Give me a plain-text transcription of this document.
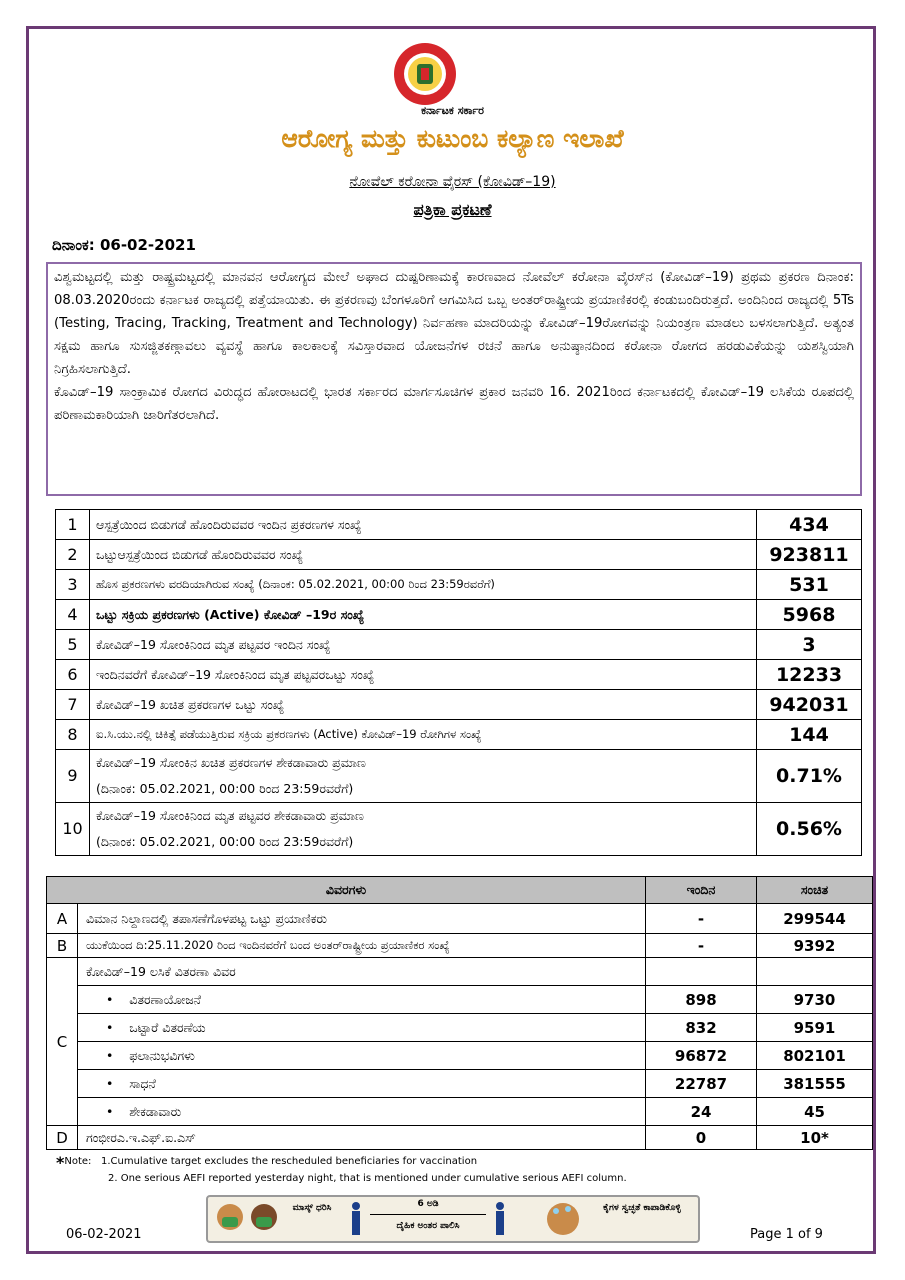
ಕರ್ನಾಟಕ ಸರ್ಕಾರ
ಆರೋಗ್ಯ ಮತ್ತು ಕುಟುಂಬ ಕಲ್ಯಾಣ ಇಲಾಖೆ
ನೋವೆಲ್ ಕರೋನಾ ವೈರಸ್ (ಕೋವಿಡ್–19)
ಪತ್ರಿಕಾ ಪ್ರಕಟಣೆ
ದಿನಾಂಕ: 06-02-2021

ವಿಶ್ವಮಟ್ಟದಲ್ಲಿ ಮತ್ತು ರಾಷ್ಟ್ರಮಟ್ಟದಲ್ಲಿ ಮಾನವನ ಆರೋಗ್ಯದ ಮೇಲೆ ಅಘಾದ ದುಷ್ಪರಿಣಾಮಕ್ಕೆ ಕಾರಣವಾದ ನೋವೆಲ್ ಕರೋನಾ ವೈರಸ್‌ನ (ಕೋವಿಡ್–19) ಪ್ರಥಮ ಪ್ರಕರಣ ದಿನಾಂಕ: 08.03.2020ರಂದು ಕರ್ನಾಟಕ ರಾಜ್ಯದಲ್ಲಿ ಪತ್ತೆಯಾಯಿತು. ಈ ಪ್ರಕರಣವು ಬೆಂಗಳೂರಿಗೆ ಆಗಮಿಸಿದ ಒಬ್ಬ ಅಂತರ್‌ರಾಷ್ಟ್ರೀಯ ಪ್ರಯಾಣಿಕರಲ್ಲಿ ಕಂಡುಬಂದಿರುತ್ತದೆ. ಅಂದಿನಿಂದ ರಾಜ್ಯದಲ್ಲಿ 5Ts (Testing, Tracing, Tracking, Treatment and Technology) ನಿರ್ವಹಣಾ ಮಾದರಿಯನ್ನು ಕೋವಿಡ್–19ರೋಗವನ್ನು ನಿಯಂತ್ರಣ ಮಾಡಲು ಬಳಸಲಾಗುತ್ತಿದೆ. ಅತ್ಯಂತ ಸಕ್ಷಮ ಹಾಗೂ ಸುಸಜ್ಜಿತಕಣ್ಗಾವಲು ವ್ಯವಸ್ಥೆ ಹಾಗೂ ಕಾಲಕಾಲಕ್ಕೆ ಸವಿಸ್ತಾರವಾದ ಯೋಜನೆಗಳ ರಚನೆ ಹಾಗೂ ಅನುಷ್ಠಾನದಿಂದ ಕರೋನಾ ರೋಗದ ಹರಡುವಿಕೆಯನ್ನು ಯಶಸ್ವಿಯಾಗಿ ನಿಗ್ರಹಿಸಲಾಗುತ್ತಿದೆ.

ಕೊವಿಡ್–19 ಸಾಂಕ್ರಾಮಿಕ ರೋಗದ ವಿರುದ್ಧದ ಹೋರಾಟದಲ್ಲಿ ಭಾರತ ಸರ್ಕಾರದ ಮಾರ್ಗಸೂಚಿಗಳ ಪ್ರಕಾರ ಜನವರಿ 16. 2021ರಿಂದ ಕರ್ನಾಟಕದಲ್ಲಿ ಕೋವಿಡ್–19 ಲಸಿಕೆಯ ರೂಪದಲ್ಲಿ ಪರಿಣಾಮಕಾರಿಯಾಗಿ ಜಾರಿಗೆತರಲಾಗಿದೆ.

1	ಆಸ್ಪತ್ರೆಯಿಂದ ಬಿಡುಗಡೆ ಹೊಂದಿರುವವರ ಇಂದಿನ ಪ್ರಕರಣಗಳ ಸಂಖ್ಯೆ	434
2	ಒಟ್ಟುಆಸ್ಪತ್ರೆಯಿಂದ ಬಿಡುಗಡೆ ಹೊಂದಿರುವವರ ಸಂಖ್ಯೆ	923811
3	ಹೊಸ ಪ್ರಕರಣಗಳು ವರದಿಯಾಗಿರುವ ಸಂಖ್ಯೆ (ದಿನಾಂಕ: 05.02.2021, 00:00 ರಿಂದ 23:59ರವರೆಗೆ)	531
4	ಒಟ್ಟು ಸಕ್ರಿಯ ಪ್ರಕರಣಗಳು (Active) ಕೋವಿಡ್ –19ರ ಸಂಖ್ಯೆ	5968
5	ಕೋವಿಡ್–19 ಸೋಂಕಿನಿಂದ ಮೃತ ಪಟ್ಟವರ ಇಂದಿನ ಸಂಖ್ಯೆ	3
6	ಇಂದಿನವರೆಗೆ ಕೋವಿಡ್–19 ಸೋಂಕಿನಿಂದ ಮೃತ ಪಟ್ಟವರಒಟ್ಟು ಸಂಖ್ಯೆ	12233
7	ಕೋವಿಡ್–19 ಖಚಿತ ಪ್ರಕರಣಗಳ ಒಟ್ಟು ಸಂಖ್ಯೆ	942031
8	ಐ.ಸಿ.ಯು.ನಲ್ಲಿ ಚಿಕಿತ್ಸೆ ಪಡೆಯುತ್ತಿರುವ ಸಕ್ರಿಯ ಪ್ರಕರಣಗಳು (Active) ಕೋವಿಡ್–19 ರೋಗಿಗಳ ಸಂಖ್ಯೆ	144
9	ಕೋವಿಡ್–19 ಸೋಂಕಿನ ಖಚಿತ ಪ್ರಕರಣಗಳ ಶೇಕಡಾವಾರು ಪ್ರಮಾಣ
(ದಿನಾಂಕ: 05.02.2021, 00:00 ರಿಂದ 23:59ರವರೆಗೆ)	0.71%
10	ಕೋವಿಡ್–19 ಸೋಂಕಿನಿಂದ ಮೃತ ಪಟ್ಟವರ ಶೇಕಡಾವಾರು ಪ್ರಮಾಣ
(ದಿನಾಂಕ: 05.02.2021, 00:00 ರಿಂದ 23:59ರವರೆಗೆ)	0.56%
ವಿವರಗಳು		ಇಂದಿನ	ಸಂಚಿತ
A	ವಿಮಾನ ನಿಲ್ದಾಣದಲ್ಲಿ ತಪಾಸಣೆಗೊಳಪಟ್ಟ ಒಟ್ಟು ಪ್ರಯಾಣಿಕರು	-	299544
B	ಯುಕೆಯಿಂದ ದಿ:25.11.2020 ರಿಂದ ಇಂದಿನವರೆಗೆ ಬಂದ ಅಂತರ್‌ರಾಷ್ಟ್ರೀಯ ಪ್ರಯಾಣಿಕರ ಸಂಖ್ಯೆ	-	9392
C	ಕೋವಿಡ್–19 ಲಸಿಕೆ ವಿತರಣಾ ವಿವರ		
	•    ವಿತರಣಾಯೋಜನೆ	898	9730
	•    ಒಟ್ಟಾರೆ ವಿತರಣೆಯ	832	9591
	•    ಫಲಾನುಭವಿಗಳು	96872	802101
	•    ಸಾಧನೆ	22787	381555
	•    ಶೇಕಡಾವಾರು	24	45
D	ಗಂಭೀರಎ.ಇ.ಎಫ್.ಐ.ಎಸ್	0	10*
*Note: 1.Cumulative target excludes the rescheduled beneficiaries for vaccination
2. One serious AEFI reported yesterday night, that is mentioned under cumulative serious AEFI column.
ಮಾಸ್ಕ್ ಧರಿಸಿ	6 ಅಡಿ
ದೈಹಿಕ ಅಂತರ ಪಾಲಿಸಿ
ಕೈಗಳ ಸ್ವಚ್ಛತೆ ಕಾಪಾಡಿಕೊಳ್ಳಿ
06-02-2021	Page 1 of 9
